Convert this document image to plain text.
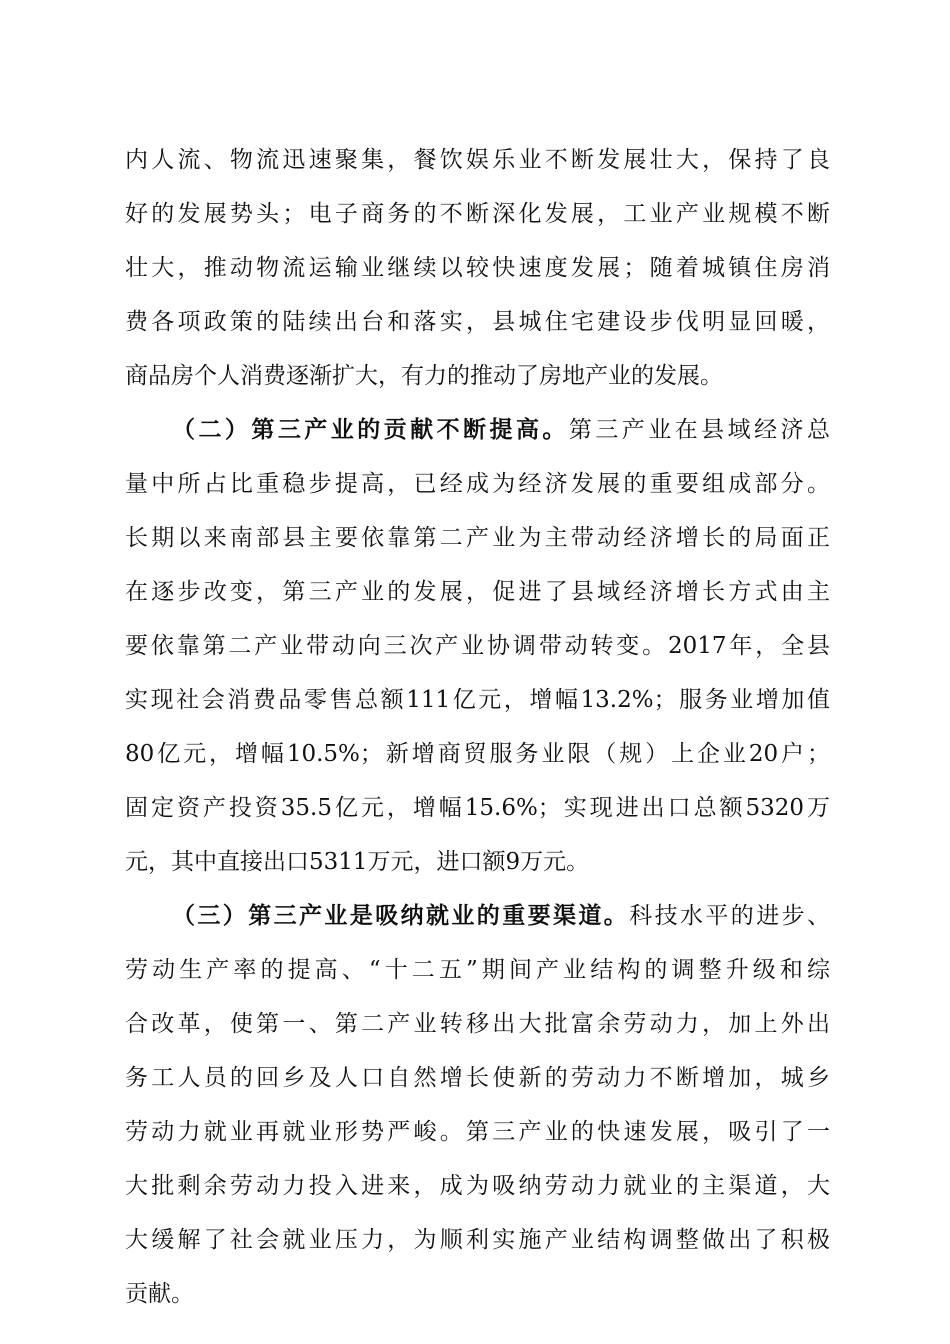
内人流、物流迅速聚集，餐饮娱乐业不断发展壮大，保持了良
好的发展势头；电子商务的不断深化发展，工业产业规模不断
壮大，推动物流运输业继续以较快速度发展；随着城镇住房消
费各项政策的陆续出台和落实，县城住宅建设步伐明显回暖，
商品房个人消费逐渐扩大，有力的推动了房地产业的发展。
（二）第三产业的贡献不断提高。第三产业在县域经济总
量中所占比重稳步提高，已经成为经济发展的重要组成部分。
长期以来南部县主要依靠第二产业为主带动经济增长的局面正
在逐步改变，第三产业的发展，促进了县域经济增长方式由主
要依靠第二产业带动向三次产业协调带动转变。2017年，全县
实现社会消费品零售总额111亿元，增幅13.2%；服务业增加值
80亿元，增幅10.5%；新增商贸服务业限（规）上企业20户；
固定资产投资35.5亿元，增幅15.6%；实现进出口总额5320万
元，其中直接出口5311万元，进口额9万元。
（三）第三产业是吸纳就业的重要渠道。科技水平的进步、
劳动生产率的提高、“十二五”期间产业结构的调整升级和综
合改革，使第一、第二产业转移出大批富余劳动力，加上外出
务工人员的回乡及人口自然增长使新的劳动力不断增加，城乡
劳动力就业再就业形势严峻。第三产业的快速发展，吸引了一
大批剩余劳动力投入进来，成为吸纳劳动力就业的主渠道，大
大缓解了社会就业压力，为顺利实施产业结构调整做出了积极
贡献。
